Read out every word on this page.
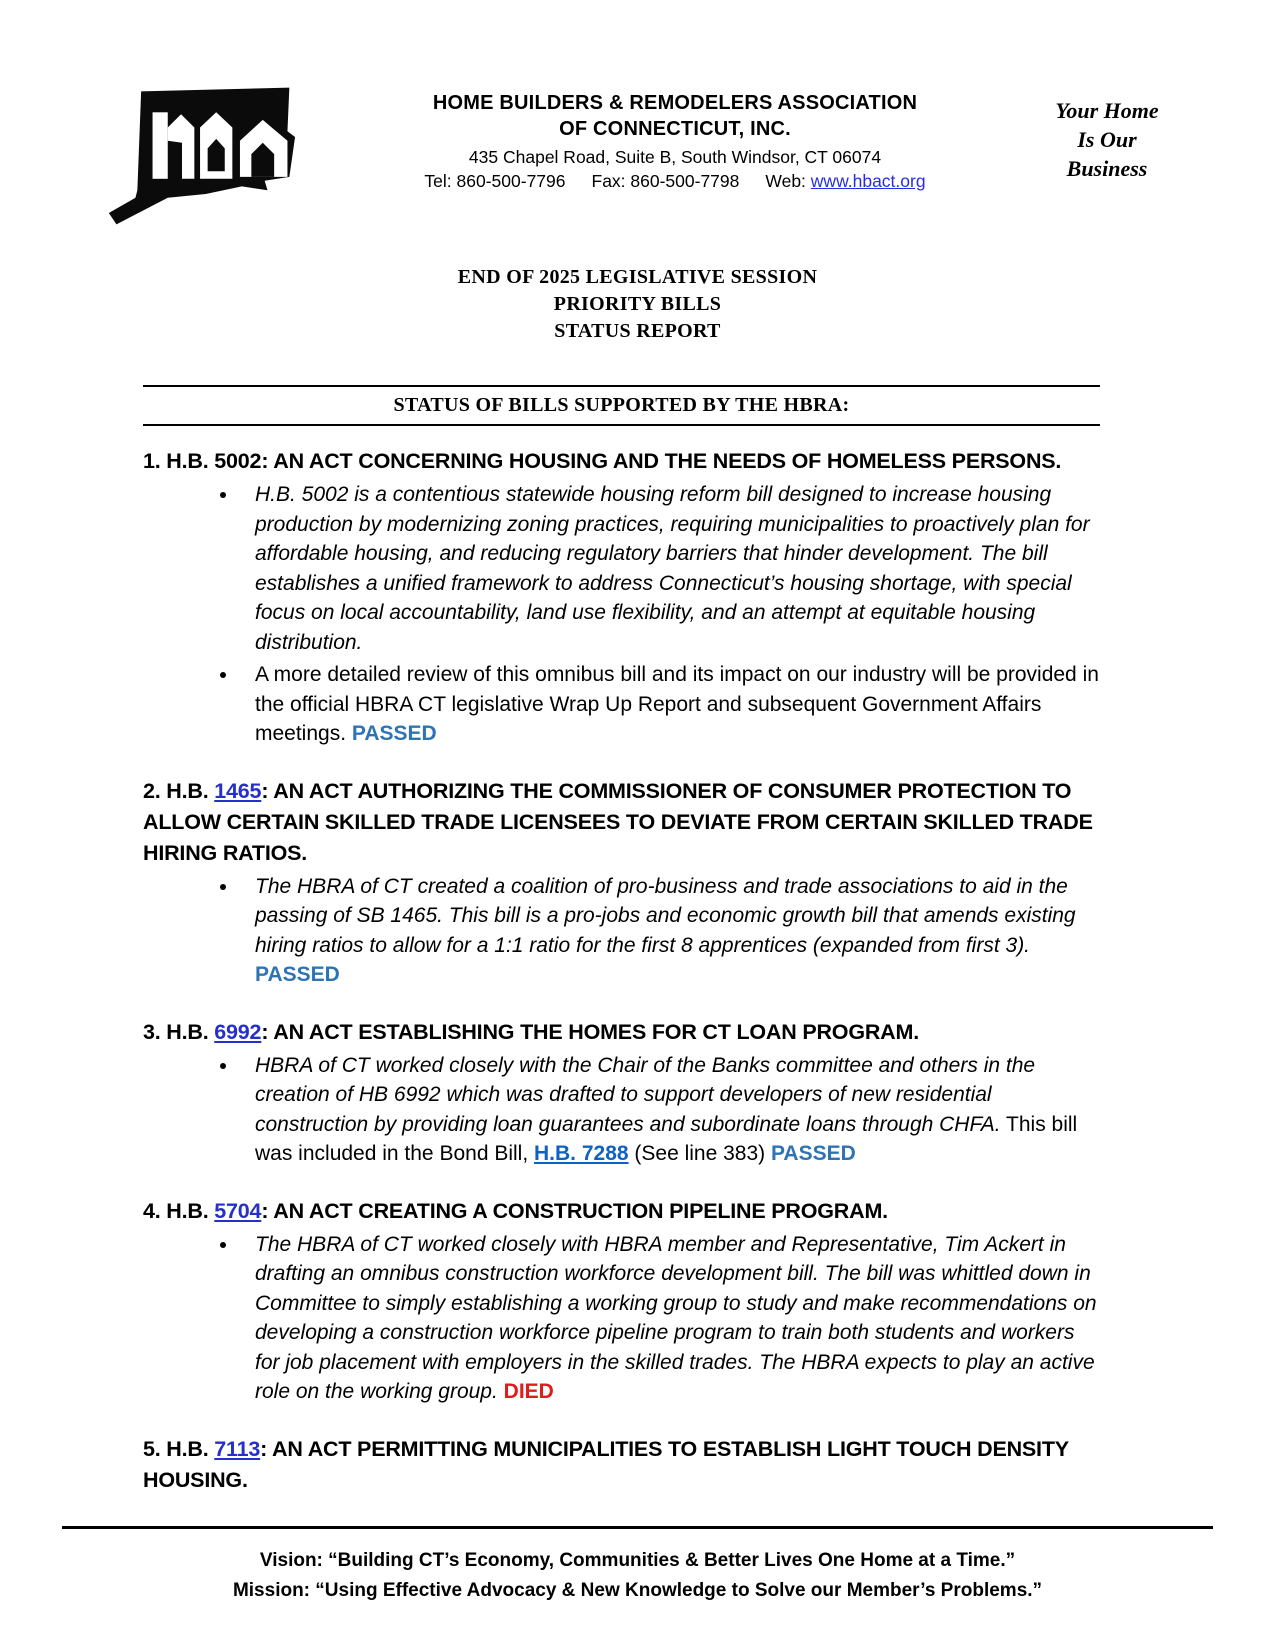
HOME BUILDERS & REMODELERS ASSOCIATION
OF CONNECTICUT, INC.
435 Chapel Road, Suite B, South Windsor, CT 06074
Tel: 860-500-7796 Fax: 860-500-7798 Web: www.hbact.org
Your Home
Is Our
Business
END OF 2025 LEGISLATIVE SESSION
PRIORITY BILLS
STATUS REPORT
STATUS OF BILLS SUPPORTED BY THE HBRA:
1. H.B. 5002: AN ACT CONCERNING HOUSING AND THE NEEDS OF HOMELESS PERSONS.
• H.B. 5002 is a contentious statewide housing reform bill designed to increase housing production by modernizing zoning practices, requiring municipalities to proactively plan for affordable housing, and reducing regulatory barriers that hinder development. The bill establishes a unified framework to address Connecticut’s housing shortage, with special focus on local accountability, land use flexibility, and an attempt at equitable housing distribution.
• A more detailed review of this omnibus bill and its impact on our industry will be provided in the official HBRA CT legislative Wrap Up Report and subsequent Government Affairs meetings. PASSED
2. H.B. 1465: AN ACT AUTHORIZING THE COMMISSIONER OF CONSUMER PROTECTION TO ALLOW CERTAIN SKILLED TRADE LICENSEES TO DEVIATE FROM CERTAIN SKILLED TRADE HIRING RATIOS.
• The HBRA of CT created a coalition of pro-business and trade associations to aid in the passing of SB 1465. This bill is a pro-jobs and economic growth bill that amends existing hiring ratios to allow for a 1:1 ratio for the first 8 apprentices (expanded from first 3). PASSED
3. H.B. 6992: AN ACT ESTABLISHING THE HOMES FOR CT LOAN PROGRAM.
• HBRA of CT worked closely with the Chair of the Banks committee and others in the creation of HB 6992 which was drafted to support developers of new residential construction by providing loan guarantees and subordinate loans through CHFA. This bill was included in the Bond Bill, H.B. 7288 (See line 383) PASSED
4. H.B. 5704: AN ACT CREATING A CONSTRUCTION PIPELINE PROGRAM.
• The HBRA of CT worked closely with HBRA member and Representative, Tim Ackert in drafting an omnibus construction workforce development bill. The bill was whittled down in Committee to simply establishing a working group to study and make recommendations on developing a construction workforce pipeline program to train both students and workers for job placement with employers in the skilled trades. The HBRA expects to play an active role on the working group. DIED
5. H.B. 7113: AN ACT PERMITTING MUNICIPALITIES TO ESTABLISH LIGHT TOUCH DENSITY HOUSING.
Vision: “Building CT’s Economy, Communities & Better Lives One Home at a Time.”
Mission: “Using Effective Advocacy & New Knowledge to Solve our Member’s Problems.”
